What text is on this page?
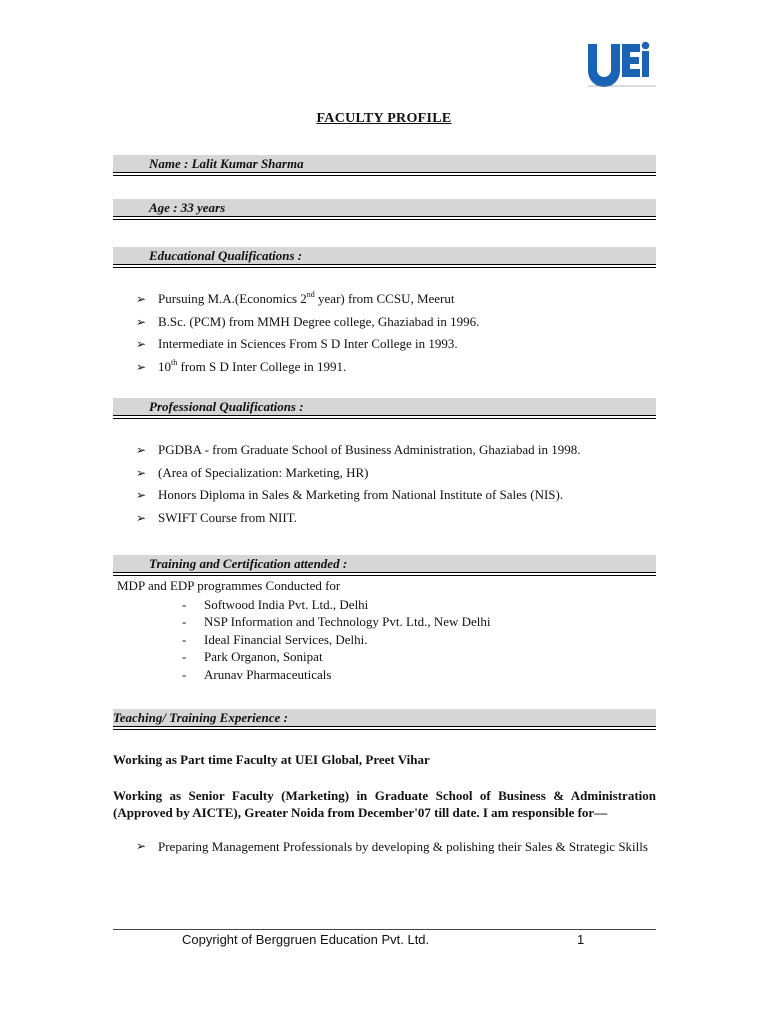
FACULTY PROFILE
Name : Lalit Kumar Sharma
Age : 33 years
Educational Qualifications :
➢ Pursuing M.A.(Economics 2nd year) from CCSU, Meerut
➢ B.Sc. (PCM) from MMH Degree college, Ghaziabad in 1996.
➢ Intermediate in Sciences From S D Inter College in 1993.
➢ 10th from S D Inter College in 1991.
Professional Qualifications :
➢ PGDBA - from Graduate School of Business Administration, Ghaziabad in 1998.
➢ (Area of Specialization: Marketing, HR)
➢ Honors Diploma in Sales & Marketing from National Institute of Sales (NIS).
➢ SWIFT Course from NIIT.
Training and Certification attended :
MDP and EDP programmes Conducted for
- Softwood India Pvt. Ltd., Delhi
- NSP Information and Technology Pvt. Ltd., New Delhi
- Ideal Financial Services, Delhi.
- Park Organon, Sonipat
- Arunav Pharmaceuticals
Teaching/ Training Experience :
Working as Part time Faculty at UEI Global, Preet Vihar
Working as Senior Faculty (Marketing) in Graduate School of Business & Administration (Approved by AICTE), Greater Noida from December'07 till date. I am responsible for—
➢ Preparing Management Professionals by developing & polishing their Sales & Strategic Skills
Copyright of Berggruen Education Pvt. Ltd.	1
